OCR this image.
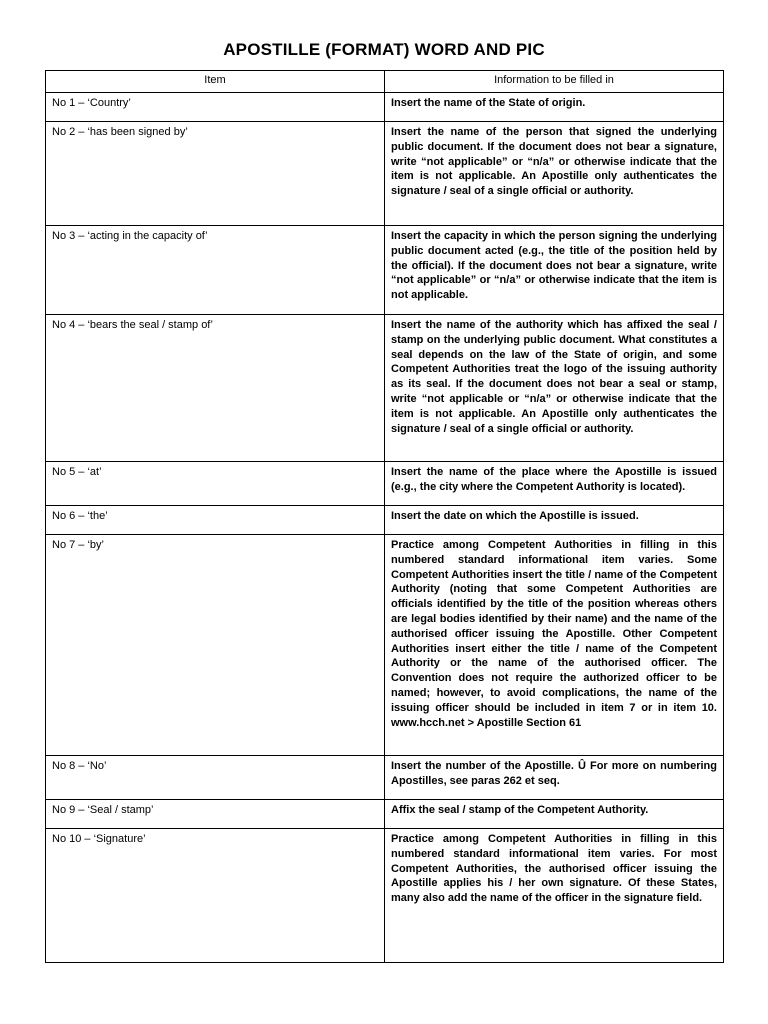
APOSTILLE (FORMAT) WORD AND PIC
Item	Information to be filled in
No 1 – ‘Country’	Insert the name of the State of origin.
No 2 – ‘has been signed by’	Insert the name of the person that signed the underlying public document. If the document does not bear a signature, write “not applicable” or “n/a” or otherwise indicate that the item is not applicable. An Apostille only authenticates the signature / seal of a single official or authority.
No 3 – ‘acting in the capacity of’	Insert the capacity in which the person signing the underlying public document acted (e.g., the title of the position held by the official). If the document does not bear a signature, write “not applicable” or “n/a” or otherwise indicate that the item is not applicable.
No 4 – ‘bears the seal / stamp of’	Insert the name of the authority which has affixed the seal / stamp on the underlying public document. What constitutes a seal depends on the law of the State of origin, and some Competent Authorities treat the logo of the issuing authority as its seal. If the document does not bear a seal or stamp, write “not applicable or “n/a” or otherwise indicate that the item is not applicable. An Apostille only authenticates the signature / seal of a single official or authority.
No 5 – ‘at’	Insert the name of the place where the Apostille is issued (e.g., the city where the Competent Authority is located).
No 6 – ‘the’	Insert the date on which the Apostille is issued.
No 7 – ‘by’	Practice among Competent Authorities in filling in this numbered standard informational item varies. Some Competent Authorities insert the title / name of the Competent Authority (noting that some Competent Authorities are officials identified by the title of the position whereas others are legal bodies identified by their name) and the name of the authorised officer issuing the Apostille. Other Competent Authorities insert either the title / name of the Competent Authority or the name of the authorised officer. The Convention does not require the authorized officer to be named; however, to avoid complications, the name of the issuing officer should be included in item 7 or in item 10. www.hcch.net > Apostille Section 61
No 8 – ‘No’	Insert the number of the Apostille. Û For more on numbering Apostilles, see paras 262 et seq.
No 9 – ‘Seal / stamp’	Affix the seal / stamp of the Competent Authority.
No 10 – ‘Signature’	Practice among Competent Authorities in filling in this numbered standard informational item varies. For most Competent Authorities, the authorised officer issuing the Apostille applies his / her own signature. Of these States, many also add the name of the officer in the signature field.
